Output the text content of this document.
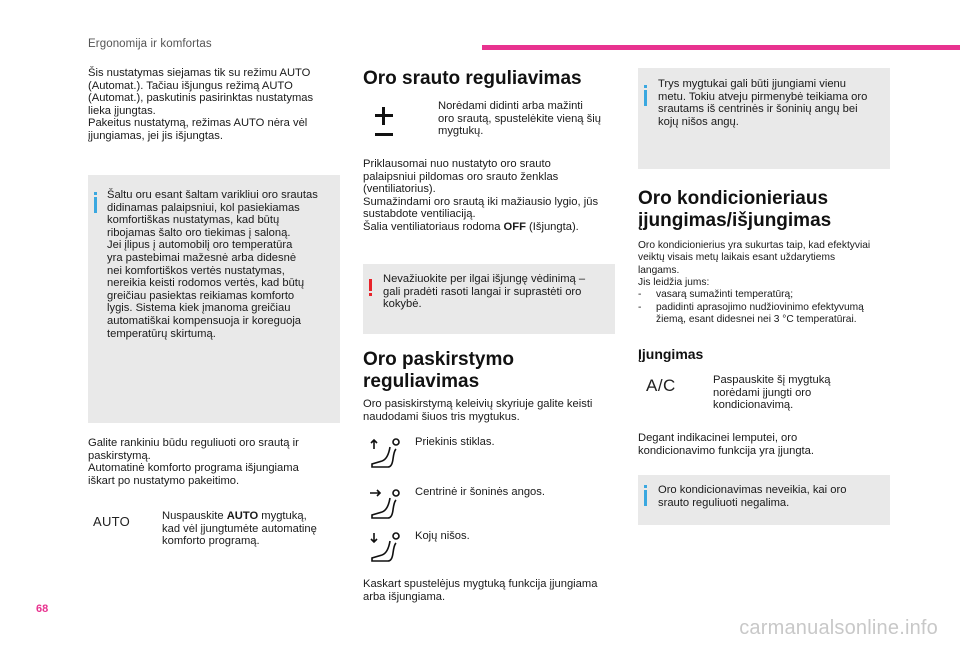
Ergonomija ir komfortas
Šis nustatymas siejamas tik su režimu AUTO
(Automat.). Tačiau išjungus režimą AUTO
(Automat.), paskutinis pasirinktas nustatymas
lieka įjungtas.
Pakeitus nustatymą, režimas AUTO nėra vėl
įjungiamas, jei jis išjungtas.
Šaltu oru esant šaltam varikliui oro srautas
didinamas palaipsniui, kol pasiekiamas
komfortiškas nustatymas, kad būtų
ribojamas šalto oro tiekimas į saloną.
Jei įlipus į automobilį oro temperatūra
yra pastebimai mažesnė arba didesnė
nei komfortiškos vertės nustatymas,
nereikia keisti rodomos vertės, kad būtų
greičiau pasiektas reikiamas komforto
lygis. Sistema kiek įmanoma greičiau
automatiškai kompensuoja ir koreguoja
temperatūrų skirtumą.
Galite rankiniu būdu reguliuoti oro srautą ir
paskirstymą.
Automatinė komforto programa išjungiama
iškart po nustatymo pakeitimo.
AUTO	Nuspauskite AUTO mygtuką,
kad vėl įjungtumėte automatinę
komforto programą.
Oro srauto reguliavimas
Norėdami didinti arba mažinti
oro srautą, spustelėkite vieną šių
mygtukų.
Priklausomai nuo nustatyto oro srauto
palaipsniui pildomas oro srauto ženklas
(ventiliatorius).
Sumažindami oro srautą iki mažiausio lygio, jūs
sustabdote ventiliaciją.
Šalia ventiliatoriaus rodoma OFF (Išjungta).
Nevažiuokite per ilgai išjungę vėdinimą –
gali pradėti rasoti langai ir suprastėti oro
kokybė.
Oro paskirstymo
reguliavimas
Oro pasiskirstymą keleivių skyriuje galite keisti
naudodami šiuos tris mygtukus.
Priekinis stiklas.
Centrinė ir šoninės angos.
Kojų nišos.
Kaskart spustelėjus mygtuką funkcija įjungiama
arba išjungiama.
Trys mygtukai gali būti įjungiami vienu
metu. Tokiu atveju pirmenybė teikiama oro
srautams iš centrinės ir šoninių angų bei
kojų nišos angų.
Oro kondicionieriaus
įjungimas/išjungimas
Oro kondicionierius yra sukurtas taip, kad efektyviai
veiktų visais metų laikais esant uždarytiems
langams.
Jis leidžia jums:
- vasarą sumažinti temperatūrą;
- padidinti aprasojimo nudžiovinimo efektyvumą
žiemą, esant didesnei nei 3 °C temperatūrai.
Įjungimas
A/C	Paspauskite šį mygtuką
norėdami įjungti oro
kondicionavimą.
Degant indikacinei lemputei, oro
kondicionavimo funkcija yra įjungta.
Oro kondicionavimas neveikia, kai oro
srauto reguliuoti negalima.
68
carmanualsonline.info
